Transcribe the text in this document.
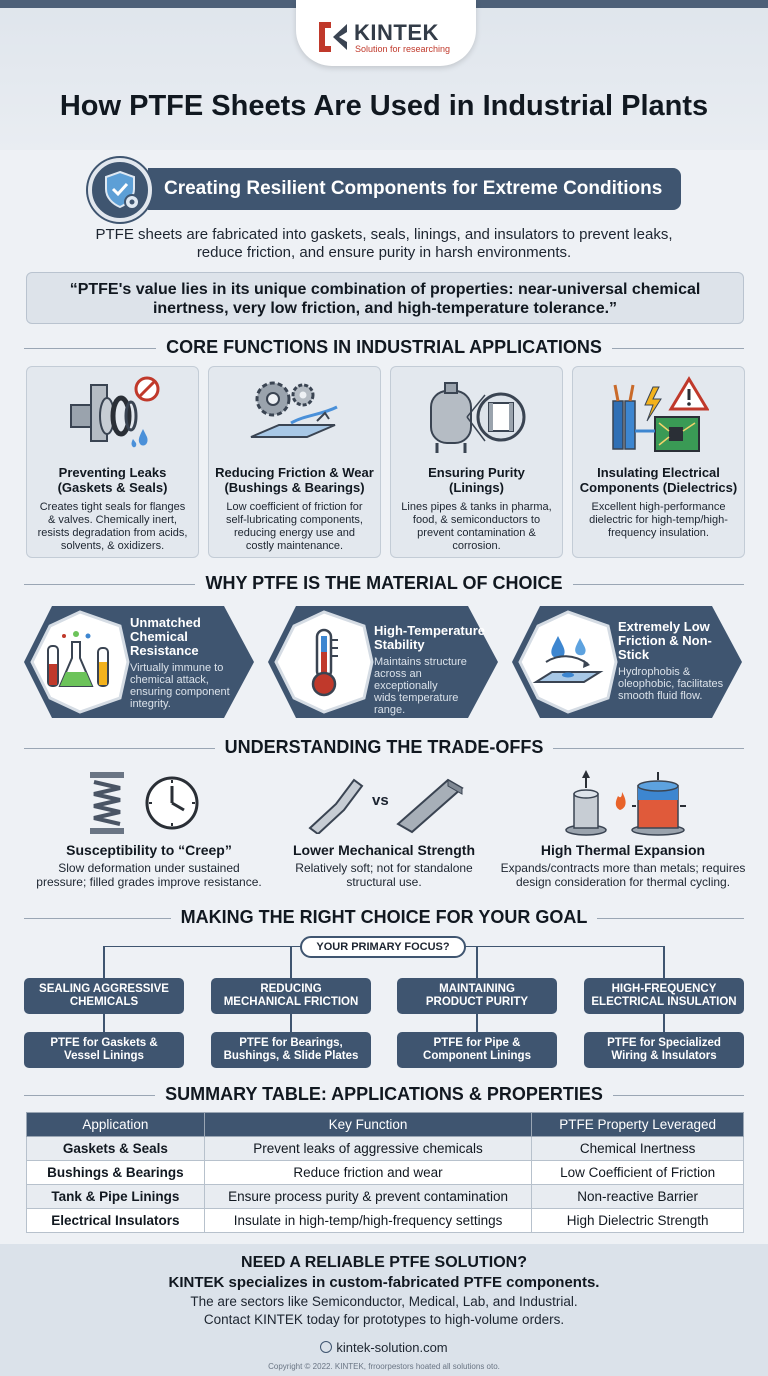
KINTEK
Solution for researching
How PTFE Sheets Are Used in Industrial Plants
Creating Resilient Components for Extreme Conditions
PTFE sheets are fabricated into gaskets, seals, linings, and insulators to prevent leaks,
reduce friction, and ensure purity in harsh environments.
“PTFE's value lies in its unique combination of properties: near-universal chemical
inertness, very low friction, and high-temperature tolerance.”
CORE FUNCTIONS IN INDUSTRIAL APPLICATIONS
Preventing Leaks
(Gaskets & Seals)
Creates tight seals for flanges
& valves. Chemically inert,
resists degradation from acids,
solvents, & oxidizers.
Reducing Friction & Wear
(Bushings & Bearings)
Low coefficient of friction for
self-lubricating components,
reducing energy use and
costly maintenance.
Ensuring Purity
(Linings)
Lines pipes & tanks in pharma,
food, & semiconductors to
prevent contamination &
corrosion.
Insulating Electrical
Components (Dielectrics)
Excellent high-performance
dielectric for high-temp/high-
frequency insulation.
WHY PTFE IS THE MATERIAL OF CHOICE
Unmatched
Chemical
Resistance
Virtually immune to
chemical attack,
ensuring component
integrity.
High-Temperature
Stability
Maintains structure
across an exceptionally
wids temperature
range.
Extremely Low
Friction & Non-
Stick
Hydrophobis &
oleophobic, facilitates
smooth fluid flow.
UNDERSTANDING THE TRADE-OFFS
Susceptibility to “Creep”
Slow deformation under sustained
pressure; filled grades improve resistance.
vs
Lower Mechanical Strength
Relatively soft; not for standalone
structural use.
High Thermal Expansion
Expands/contracts more than metals; requires
design consideration for thermal cycling.
MAKING THE RIGHT CHOICE FOR YOUR GOAL
YOUR PRIMARY FOCUS?
SEALING AGGRESSIVE
CHEMICALS
REDUCING
MECHANICAL FRICTION
MAINTAINING
PRODUCT PURITY
HIGH-FREQUENCY
ELECTRICAL INSULATION
PTFE for Gaskets &
Vessel Linings
PTFE for Bearings,
Bushings, & Slide Plates
PTFE for Pipe &
Component Linings
PTFE for Specialized
Wiring & Insulators
SUMMARY TABLE: APPLICATIONS & PROPERTIES
Application	Key Function	PTFE Property Leveraged
Gaskets & Seals	Prevent leaks of aggressive chemicals	Chemical Inertness
Bushings & Bearings	Reduce friction and wear	Low Coefficient of Friction
Tank & Pipe Linings	Ensure process purity & prevent contamination	Non-reactive Barrier
Electrical Insulators	Insulate in high-temp/high-frequency settings	High Dielectric Strength
NEED A RELIABLE PTFE SOLUTION?
KINTEK specializes in custom-fabricated PTFE components.
The are sectors like Semiconductor, Medical, Lab, and Industrial.
Contact KINTEK today for prototypes to high-volume orders.
kintek-solution.com
Copyright © 2022. KINTEK, frroorpestors hoated all solutions oto.
